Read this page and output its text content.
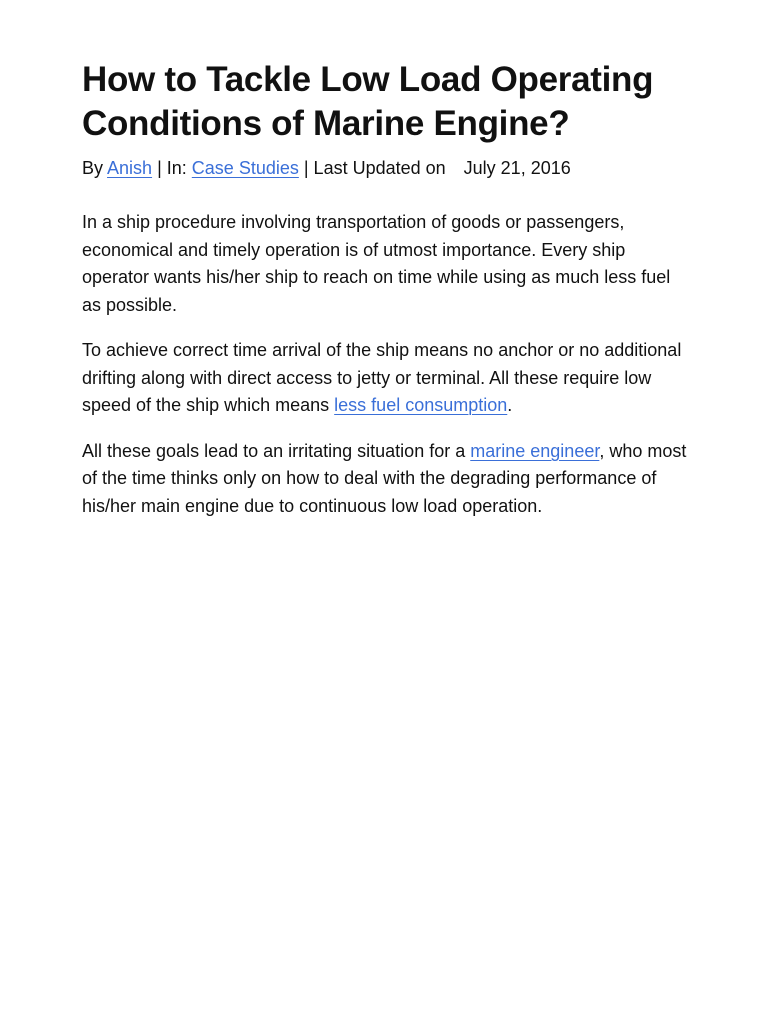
How to Tackle Low Load Operating Conditions of Marine Engine?
By Anish | In: Case Studies | Last Updated on July 21, 2016

In a ship procedure involving transportation of goods or passengers, economical and timely operation is of utmost importance. Every ship operator wants his/her ship to reach on time while using as much less fuel as possible.

To achieve correct time arrival of the ship means no anchor or no additional drifting along with direct access to jetty or terminal. All these require low speed of the ship which means less fuel consumption.

All these goals lead to an irritating situation for a marine engineer, who most of the time thinks only on how to deal with the degrading performance of his/her main engine due to continuous low load operation.
